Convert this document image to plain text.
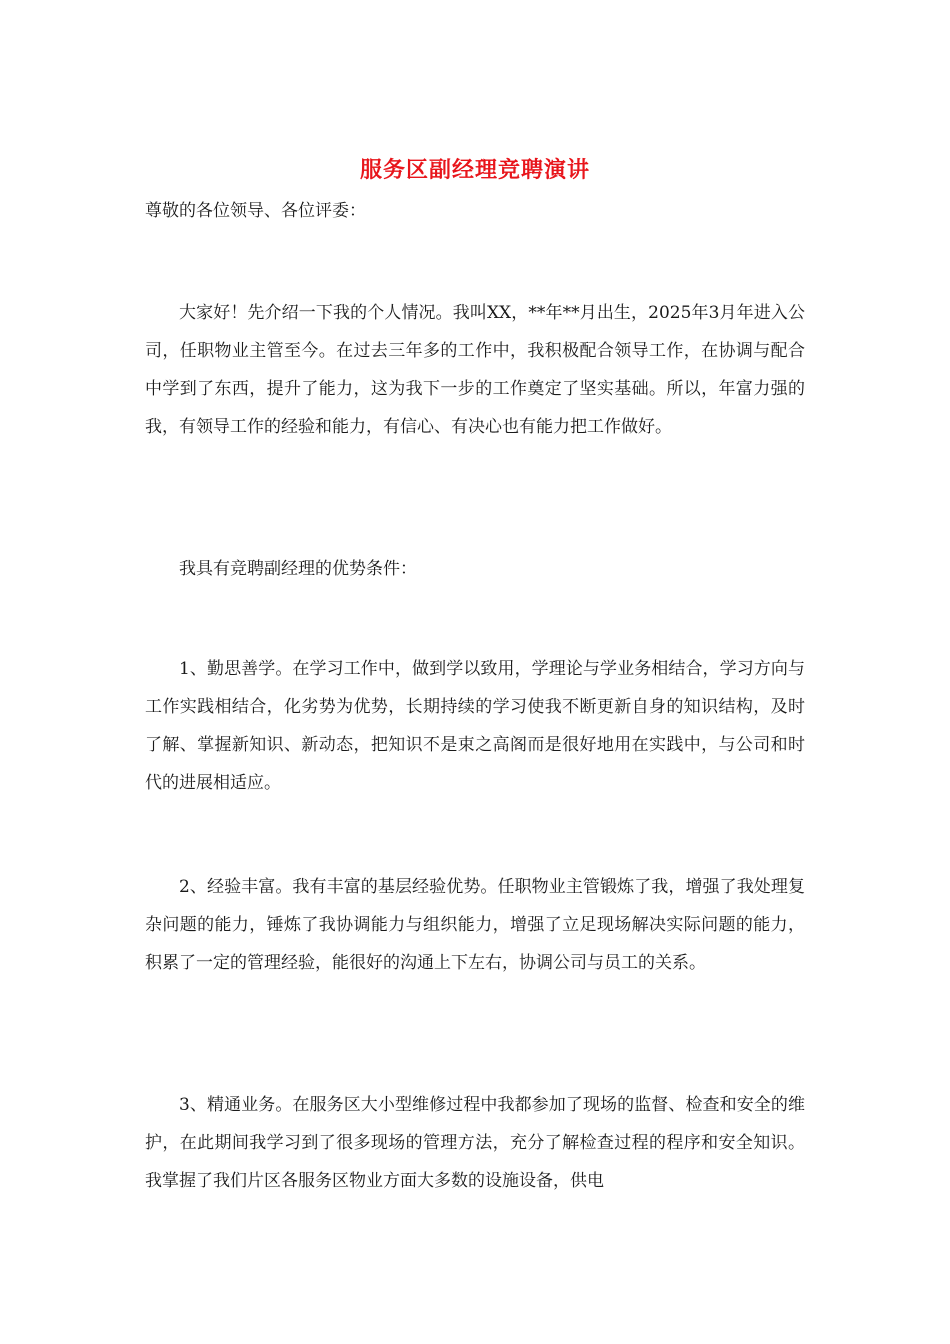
服务区副经理竞聘演讲
尊敬的各位领导、各位评委：

大家好！先介绍一下我的个人情况。我叫XX，**年**月出生，2025年3月年进入公司，任职物业主管至今。在过去三年多的工作中，我积极配合领导工作，在协调与配合中学到了东西，提升了能力，这为我下一步的工作奠定了坚实基础。所以，年富力强的我，有领导工作的经验和能力，有信心、有决心也有能力把工作做好。

我具有竞聘副经理的优势条件：

1、勤思善学。在学习工作中，做到学以致用，学理论与学业务相结合，学习方向与工作实践相结合，化劣势为优势，长期持续的学习使我不断更新自身的知识结构，及时了解、掌握新知识、新动态，把知识不是束之高阁而是很好地用在实践中，与公司和时代的进展相适应。

2、经验丰富。我有丰富的基层经验优势。任职物业主管锻炼了我，增强了我处理复杂问题的能力，锤炼了我协调能力与组织能力，增强了立足现场解决实际问题的能力，积累了一定的管理经验，能很好的沟通上下左右，协调公司与员工的关系。

3、精通业务。在服务区大小型维修过程中我都参加了现场的监督、检查和安全的维护，在此期间我学习到了很多现场的管理方法，充分了解检查过程的程序和安全知识。我掌握了我们片区各服务区物业方面大多数的设施设备，供电
